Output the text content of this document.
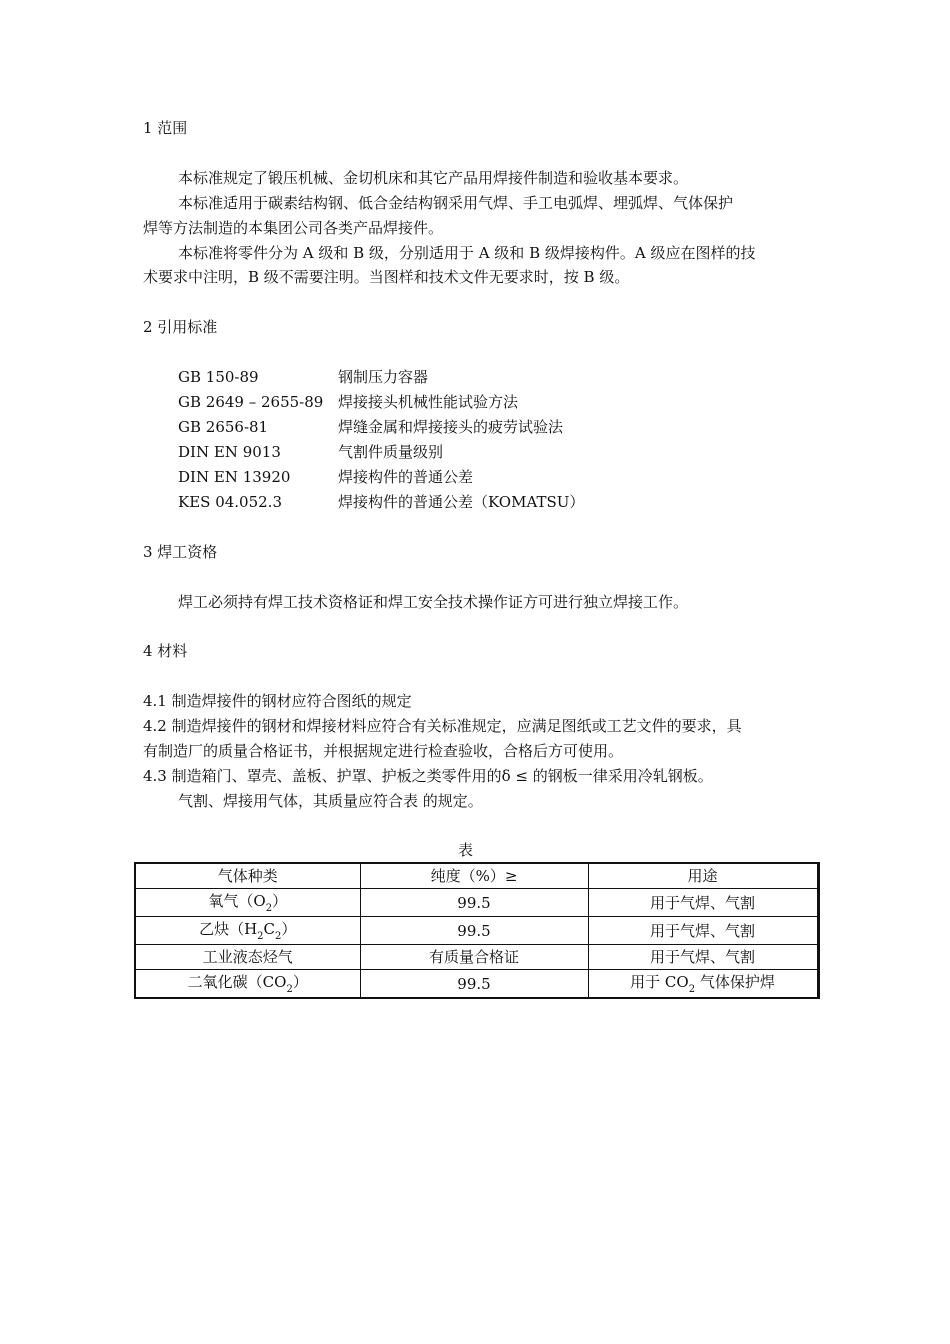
1 范围
本标准规定了锻压机械、金切机床和其它产品用焊接件制造和验收基本要求。
本标准适用于碳素结构钢、低合金结构钢采用气焊、手工电弧焊、埋弧焊、气体保护
焊等方法制造的本集团公司各类产品焊接件。
本标准将零件分为 A 级和 B 级，分别适用于 A 级和 B 级焊接构件。A 级应在图样的技
术要求中注明，B 级不需要注明。当图样和技术文件无要求时，按 B 级。
2 引用标准
GB 150-89	钢制压力容器
GB 2649 – 2655-89 焊接接头机械性能试验方法
GB 2656-81	焊缝金属和焊接接头的疲劳试验法
DIN EN 9013	气割件质量级别
DIN EN 13920	焊接构件的普通公差
KES 04.052.3	焊接构件的普通公差（KOMATSU）
3 焊工资格
焊工必须持有焊工技术资格证和焊工安全技术操作证方可进行独立焊接工作。
4 材料
4.1 制造焊接件的钢材应符合图纸的规定
4.2 制造焊接件的钢材和焊接材料应符合有关标准规定，应满足图纸或工艺文件的要求，具
有制造厂的质量合格证书，并根据规定进行检查验收，合格后方可使用。
4.3 制造箱门、罩壳、盖板、护罩、护板之类零件用的δ ≤ 的钢板一律采用冷轧钢板。
气割、焊接用气体，其质量应符合表 的规定。
表
气体种类	纯度（%）≥	用途
氧气$(O_2)$	99.5	用于气焊、气割
乙炔$(H_2C_2)$	99.5	用于气焊、气割
工业液态烃气	有质量合格证	用于气焊、气割
二氧化碳$(CO_2)$	99.5	用于 $CO_2$ 气体保护焊
